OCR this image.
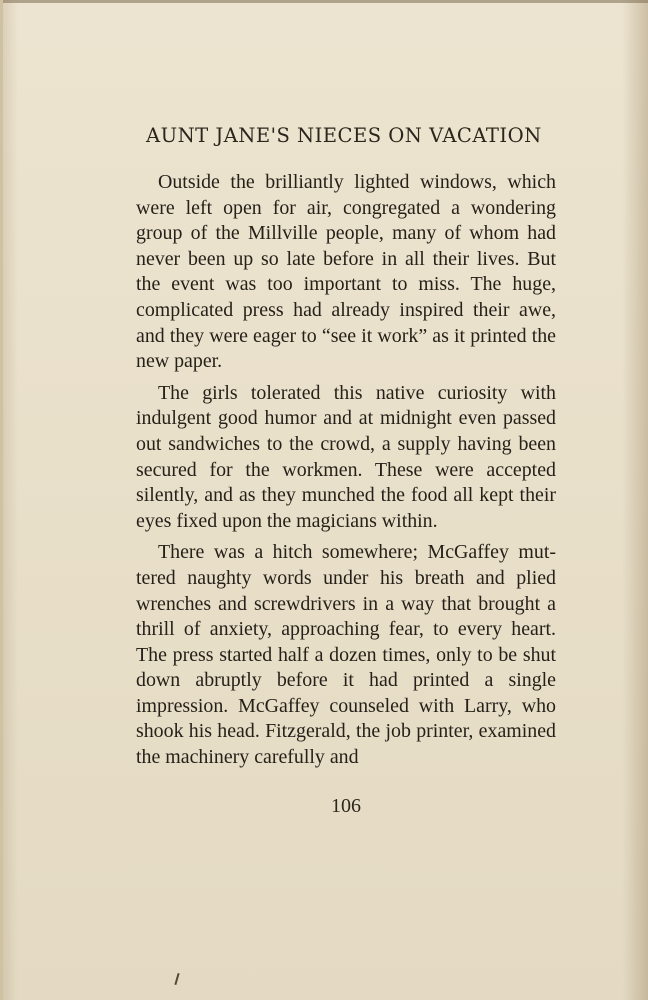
AUNT JANE'S NIECES ON VACATION

Outside the brilliantly lighted windows, which were left open for air, congregated a wondering group of the Millville people, many of whom had never been up so late before in all their lives. But the event was too important to miss. The huge, complicated press had already inspired their awe, and they were eager to “see it work” as it printed the new paper.

The girls tolerated this native curiosity with indulgent good humor and at midnight even passed out sandwiches to the crowd, a supply having been secured for the workmen. These were accepted silently, and as they munched the food all kept their eyes fixed upon the magicians within.

There was a hitch somewhere; McGaffey muttered naughty words under his breath and plied wrenches and screwdrivers in a way that brought a thrill of anxiety, approaching fear, to every heart. The press started half a dozen times, only to be shut down abruptly before it had printed a single impression. McGaffey counseled with Larry, who shook his head. Fitzgerald, the job printer, examined the machinery carefully and

106
